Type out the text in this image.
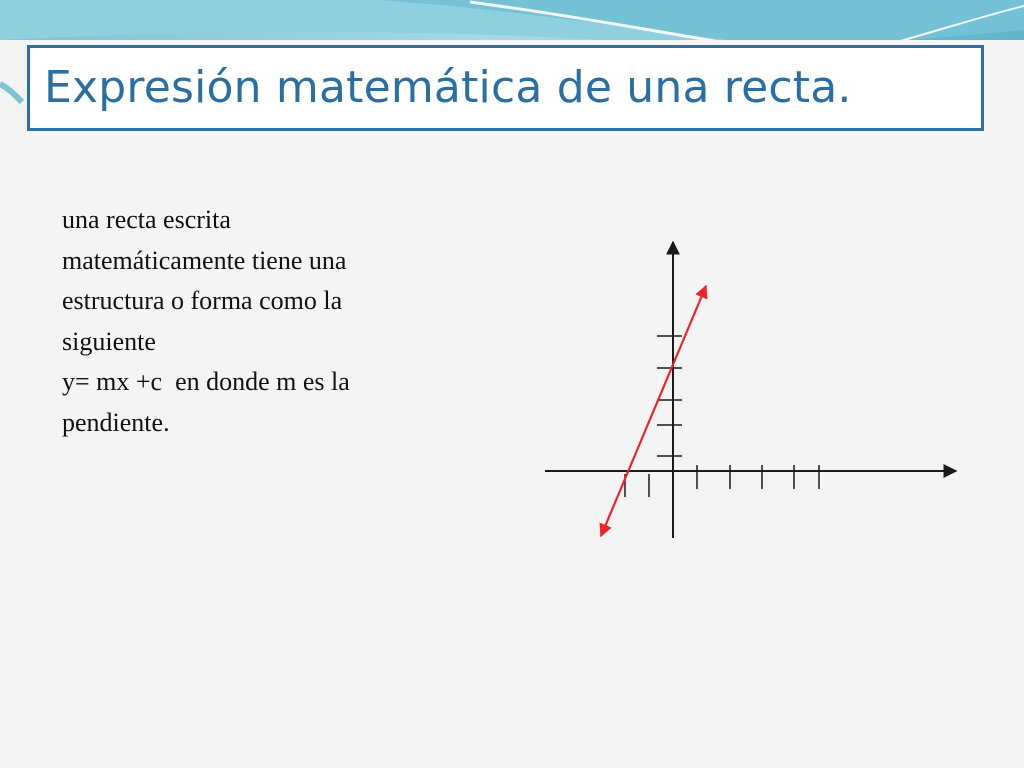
Expresión matemática de una recta.
una recta escrita
matemáticamente tiene una
estructura o forma como la
siguiente
y= mx +c  en donde m es la
pendiente.
